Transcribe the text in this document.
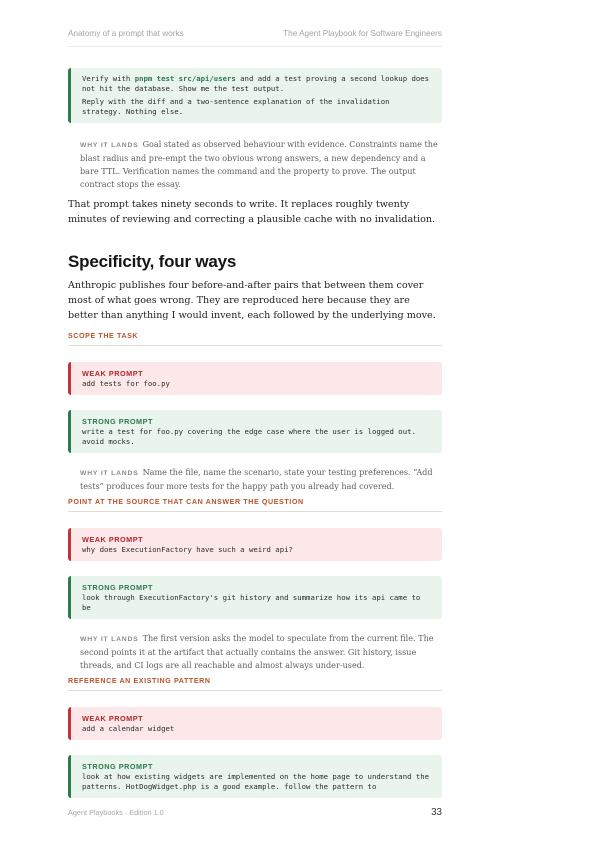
Anatomy of a prompt that works	The Agent Playbook for Software Engineers

Verify with pnpm test src/api/users and add a test proving a second lookup does not hit the database. Show me the test output.

Reply with the diff and a two-sentence explanation of the invalidation strategy. Nothing else.

WHY IT LANDS Goal stated as observed behaviour with evidence. Constraints name the blast radius and pre-empt the two obvious wrong answers, a new dependency and a bare TTL. Verification names the command and the property to prove. The output contract stops the essay.

That prompt takes ninety seconds to write. It replaces roughly twenty minutes of reviewing and correcting a plausible cache with no invalidation.

Specificity, four ways

Anthropic publishes four before-and-after pairs that between them cover most of what goes wrong. They are reproduced here because they are better than anything I would invent, each followed by the underlying move.

SCOPE THE TASK
WEAK PROMPT

add tests for foo.py

STRONG PROMPT

write a test for foo.py covering the edge case where the user is logged out. avoid mocks.

WHY IT LANDS Name the file, name the scenario, state your testing preferences. “Add tests” produces four more tests for the happy path you already had covered.

POINT AT THE SOURCE THAT CAN ANSWER THE QUESTION
WEAK PROMPT

why does ExecutionFactory have such a weird api?

STRONG PROMPT

look through ExecutionFactory's git history and summarize how its api came to be

WHY IT LANDS The first version asks the model to speculate from the current file. The second points it at the artifact that actually contains the answer. Git history, issue threads, and CI logs are all reachable and almost always under-used.

REFERENCE AN EXISTING PATTERN
WEAK PROMPT

add a calendar widget

STRONG PROMPT

look at how existing widgets are implemented on the home page to understand the patterns. HotDogWidget.php is a good example. follow the pattern to

Agent Playbooks · Edition 1.0	33
